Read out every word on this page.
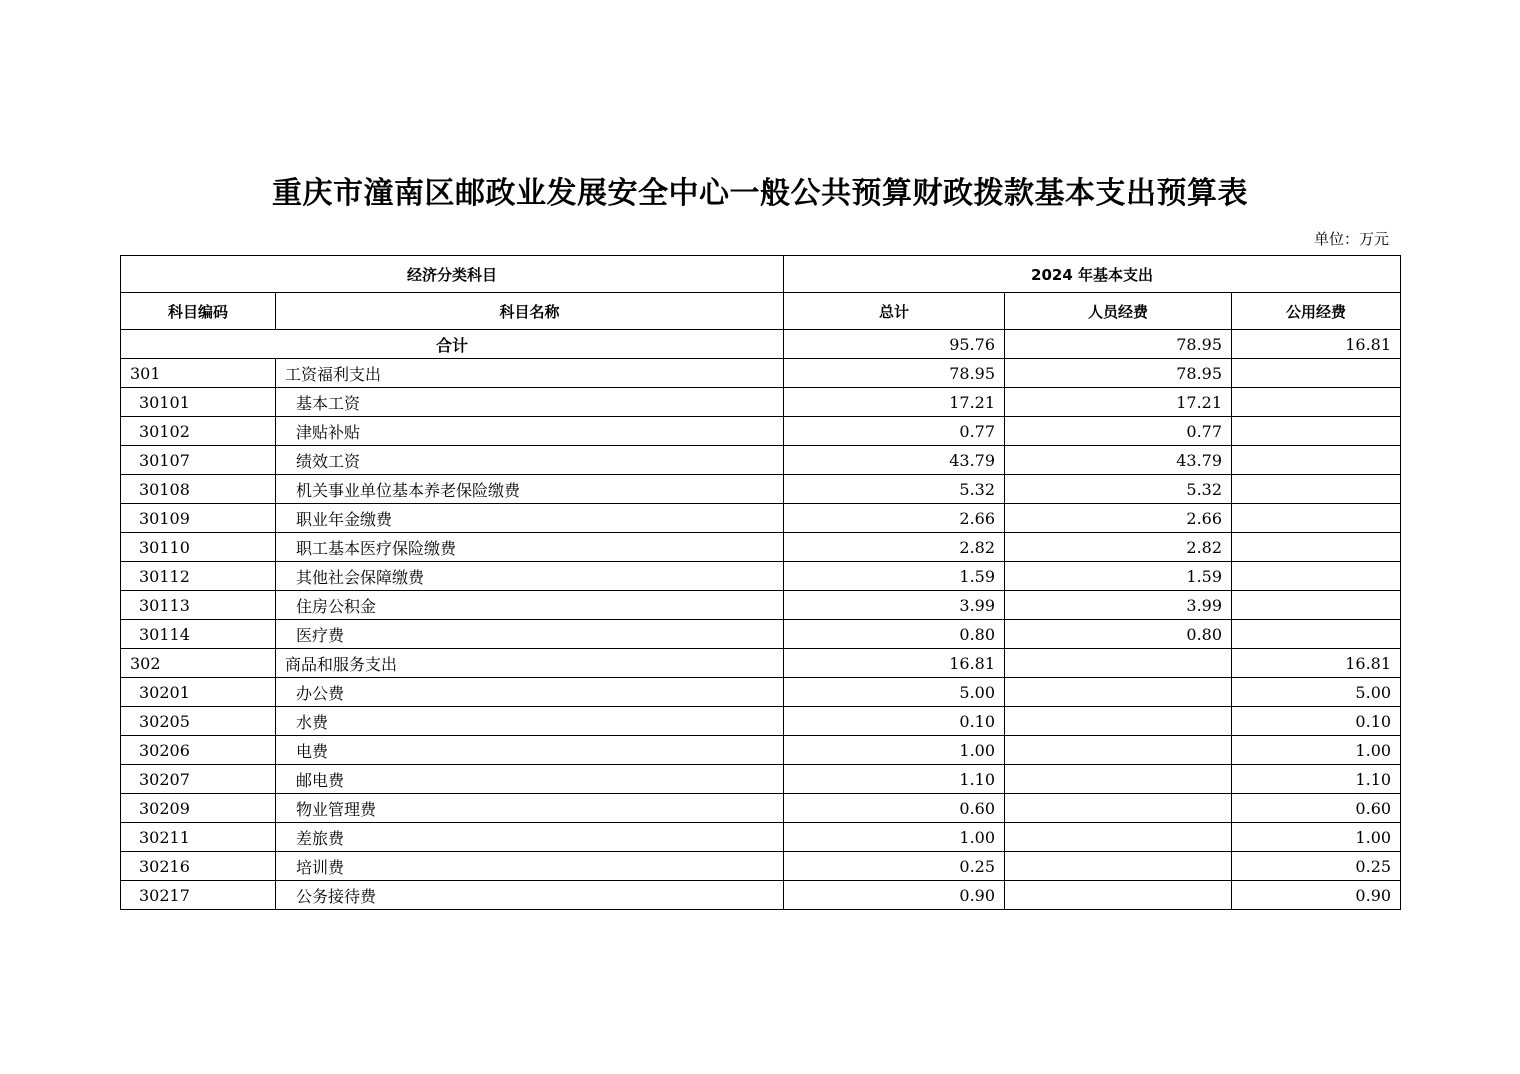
重庆市潼南区邮政业发展安全中心一般公共预算财政拨款基本支出预算表
单位：万元
经济分类科目		2024 年基本支出		
科目编码	科目名称	总计	人员经费	公用经费
合计		95.76	78.95	16.81
301	工资福利支出	78.95	78.95	
30101	基本工资	17.21	17.21	
30102	津贴补贴	0.77	0.77	
30107	绩效工资	43.79	43.79	
30108	机关事业单位基本养老保险缴费	5.32	5.32	
30109	职业年金缴费	2.66	2.66	
30110	职工基本医疗保险缴费	2.82	2.82	
30112	其他社会保障缴费	1.59	1.59	
30113	住房公积金	3.99	3.99	
30114	医疗费	0.80	0.80	
302	商品和服务支出	16.81		16.81
30201	办公费	5.00		5.00
30205	水费	0.10		0.10
30206	电费	1.00		1.00
30207	邮电费	1.10		1.10
30209	物业管理费	0.60		0.60
30211	差旅费	1.00		1.00
30216	培训费	0.25		0.25
30217	公务接待费	0.90		0.90
